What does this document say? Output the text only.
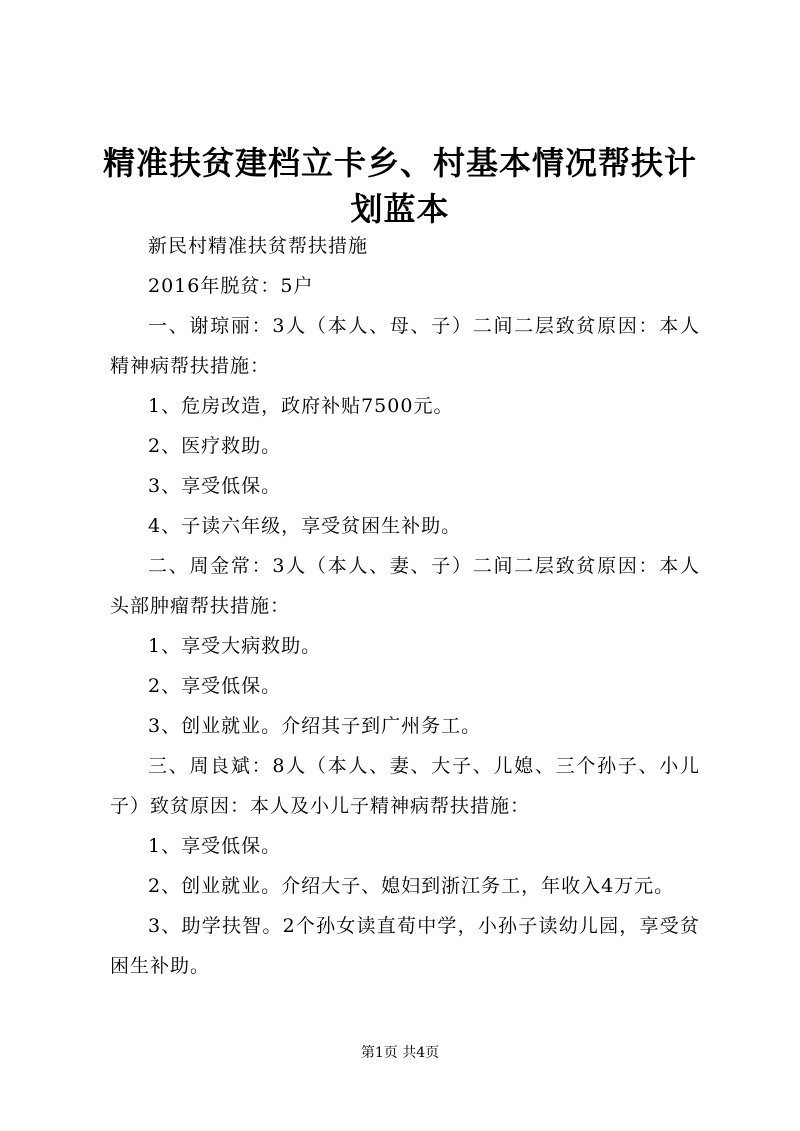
精准扶贫建档立卡乡、村基本情况帮扶计划蓝本

新民村精准扶贫帮扶措施

2016年脱贫：5户

一、谢琼丽：3人（本人、母、子）二间二层致贫原因：本人精神病帮扶措施：

1、危房改造，政府补贴7500元。

2、医疗救助。

3、享受低保。

4、子读六年级，享受贫困生补助。

二、周金常：3人（本人、妻、子）二间二层致贫原因：本人头部肿瘤帮扶措施：

1、享受大病救助。

2、享受低保。

3、创业就业。介绍其子到广州务工。

三、周良斌：8人（本人、妻、大子、儿媳、三个孙子、小儿子）致贫原因：本人及小儿子精神病帮扶措施：

1、享受低保。

2、创业就业。介绍大子、媳妇到浙江务工，年收入4万元。

3、助学扶智。2个孙女读直荀中学，小孙子读幼儿园，享受贫困生补助。

第1页 共4页
